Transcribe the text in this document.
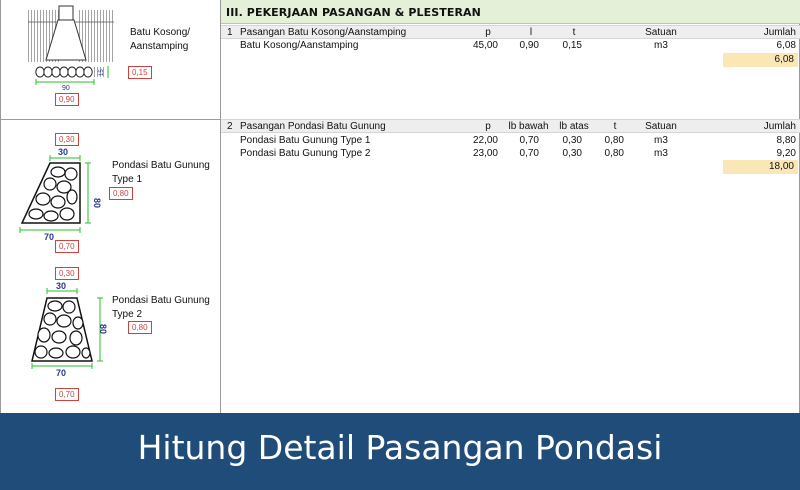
III. PEKERJAAN PASANGAN & PLESTERAN
1 Pasangan Batu Kosong/Aanstamping	p	l	t	Satuan	Jumlah
Batu Kosong/Aanstamping	45,00	0,90	0,15	m3	6,08
6,08
2 Pasangan Pondasi Batu Gunung	p	lb bawah	lb atas	t	Satuan	Jumlah
Pondasi Batu Gunung Type 1	22,00	0,70	0,30	0,80	m3	8,80
Pondasi Batu Gunung Type 2	23,00	0,70	0,30	0,80	m3	9,20
18,00
15
90
Batu Kosong/
Aanstamping
0,15
0,90
30
80
70
0,30
Pondasi Batu Gunung
Type 1
0,80
0,70
30
80
70
0,30
Pondasi Batu Gunung
Type 2
0,80
0,70
Hitung Detail Pasangan Pondasi
